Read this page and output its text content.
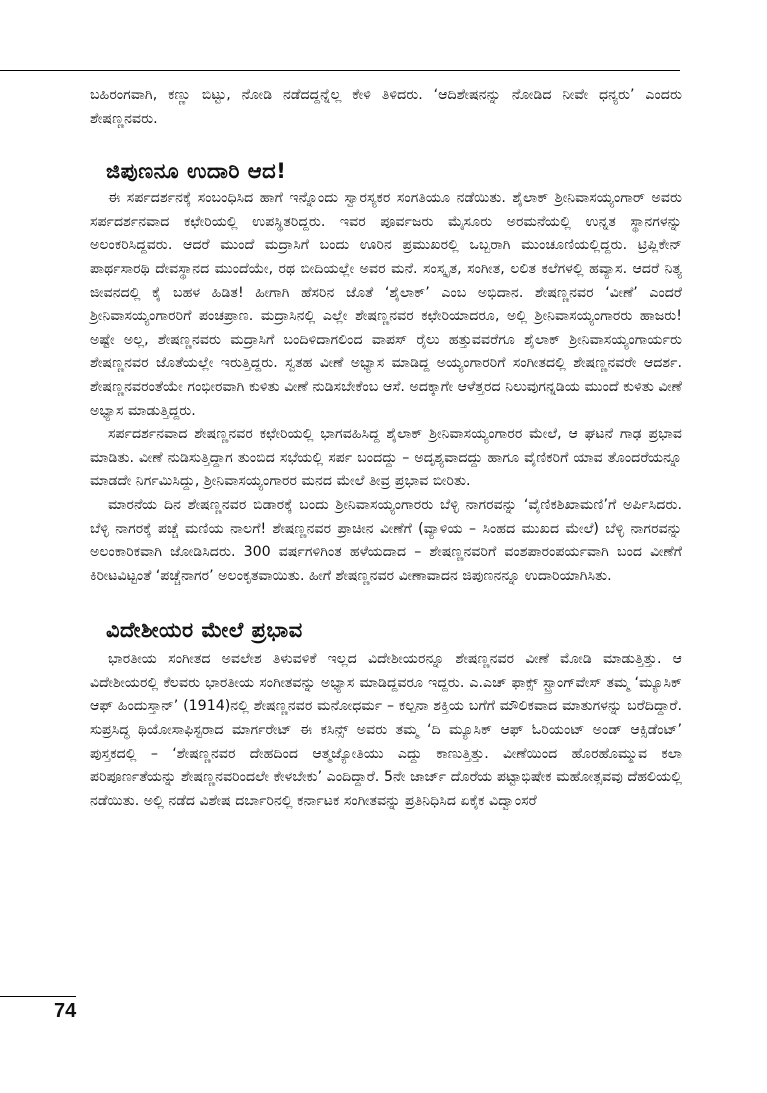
ಬಹಿರಂಗವಾಗಿ, ಕಣ್ಣು ಬಿಟ್ಟು, ನೋಡಿ ನಡೆದದ್ದನ್ನೆಲ್ಲ ಕೇಳಿ ತಿಳಿದರು. ‘ಆದಿಶೇಷನನ್ನು ನೋಡಿದ ನೀವೇ ಧನ್ಯರು’ ಎಂದರು ಶೇಷಣ್ಣನವರು.

ಜಿಪುಣನೂ ಉದಾರಿ ಆದ!

ಈ ಸರ್ಪದರ್ಶನಕ್ಕೆ ಸಂಬಂಧಿಸಿದ ಹಾಗೆ ಇನ್ನೊಂದು ಸ್ವಾರಸ್ಯಕರ ಸಂಗತಿಯೂ ನಡೆಯಿತು. ಶೈಲಾಕ್ ಶ್ರೀನಿವಾಸಯ್ಯಂಗಾರ್ ಅವರು ಸರ್ಪದರ್ಶನವಾದ ಕಛೇರಿಯಲ್ಲಿ ಉಪಸ್ಥಿತರಿದ್ದರು. ಇವರ ಪೂರ್ವಜರು ಮೈಸೂರು ಅರಮನೆಯಲ್ಲಿ ಉನ್ನತ ಸ್ಥಾನಗಳನ್ನು ಅಲಂಕರಿಸಿದ್ದವರು. ಆದರೆ ಮುಂದೆ ಮದ್ರಾಸಿಗೆ ಬಂದು ಊರಿನ ಪ್ರಮುಖರಲ್ಲಿ ಒಬ್ಬರಾಗಿ ಮುಂಚೂಣಿಯಲ್ಲಿದ್ದರು. ಟ್ರಿಪ್ಲಿಕೇನ್ ಪಾರ್ಥಸಾರಥಿ ದೇವಸ್ಥಾನದ ಮುಂದೆಯೇ, ರಥ ಬೀದಿಯಲ್ಲೇ ಅವರ ಮನೆ. ಸಂಸ್ಕೃತ, ಸಂಗೀತ, ಲಲಿತ ಕಲೆಗಳಲ್ಲಿ ಹವ್ಯಾಸ. ಆದರೆ ನಿತ್ಯ ಜೀವನದಲ್ಲಿ ಕೈ ಬಹಳ ಹಿಡಿತ! ಹೀಗಾಗಿ ಹೆಸರಿನ ಜೊತೆ ‘ಶೈಲಾಕ್’ ಎಂಬ ಅಭಿದಾನ. ಶೇಷಣ್ಣನವರ ‘ವೀಣೆ’ ಎಂದರೆ ಶ್ರೀನಿವಾಸಯ್ಯಂಗಾರರಿಗೆ ಪಂಚಪ್ರಾಣ. ಮದ್ರಾಸಿನಲ್ಲಿ ಎಲ್ಲೇ ಶೇಷಣ್ಣನವರ ಕಛೇರಿಯಾದರೂ, ಅಲ್ಲಿ ಶ್ರೀನಿವಾಸಯ್ಯಂಗಾರರು ಹಾಜರು! ಅಷ್ಟೇ ಅಲ್ಲ, ಶೇಷಣ್ಣನವರು ಮದ್ರಾಸಿಗೆ ಬಂದಿಳಿದಾಗಲಿಂದ ವಾಪಸ್ ರೈಲು ಹತ್ತುವವರೆಗೂ ಶೈಲಾಕ್ ಶ್ರೀನಿವಾಸಯ್ಯಂಗಾರ್ಯರು ಶೇಷಣ್ಣನವರ ಜೊತೆಯಲ್ಲೇ ಇರುತ್ತಿದ್ದರು. ಸ್ವತಹ ವೀಣೆ ಅಭ್ಯಾಸ ಮಾಡಿದ್ದ ಅಯ್ಯಂಗಾರರಿಗೆ ಸಂಗೀತದಲ್ಲಿ ಶೇಷಣ್ಣನವರೇ ಆದರ್ಶ. ಶೇಷಣ್ಣನವರಂತೆಯೇ ಗಂಭೀರವಾಗಿ ಕುಳಿತು ವೀಣೆ ನುಡಿಸಬೇಕೆಂಬ ಆಸೆ. ಅದಕ್ಕಾಗೇ ಆಳೆತ್ತರದ ನಿಲುವುಗನ್ನಡಿಯ ಮುಂದೆ ಕುಳಿತು ವೀಣೆ ಅಭ್ಯಾಸ ಮಾಡುತ್ತಿದ್ದರು.

ಸರ್ಪದರ್ಶನವಾದ ಶೇಷಣ್ಣನವರ ಕಛೇರಿಯಲ್ಲಿ ಭಾಗವಹಿಸಿದ್ದ ಶೈಲಾಕ್ ಶ್ರೀನಿವಾಸಯ್ಯಂಗಾರರ ಮೇಲೆ, ಆ ಘಟನೆ ಗಾಢ ಪ್ರಭಾವ ಮಾಡಿತು. ವೀಣೆ ನುಡಿಸುತ್ತಿದ್ದಾಗ ತುಂಬಿದ ಸಭೆಯಲ್ಲಿ ಸರ್ಪ ಬಂದದ್ದು – ಅದೃಶ್ಯವಾದದ್ದು ಹಾಗೂ ವೈಣಿಕರಿಗೆ ಯಾವ ತೊಂದರೆಯನ್ನೂ ಮಾಡದೇ ನಿರ್ಗಮಿಸಿದ್ದು, ಶ್ರೀನಿವಾಸಯ್ಯಂಗಾರರ ಮನದ ಮೇಲೆ ತೀವ್ರ ಪ್ರಭಾವ ಬೀರಿತು.

ಮಾರನೆಯ ದಿನ ಶೇಷಣ್ಣನವರ ಬಿಡಾರಕ್ಕೆ ಬಂದು ಶ್ರೀನಿವಾಸಯ್ಯಂಗಾರರು ಬೆಳ್ಳಿ ನಾಗರವನ್ನು ‘ವೈಣಿಕಶಿಖಾಮಣಿ’ಗೆ ಅರ್ಪಿಸಿದರು. ಬೆಳ್ಳಿ ನಾಗರಕ್ಕೆ ಪಚ್ಚೆ ಮಣಿಯ ನಾಲಗೆ! ಶೇಷಣ್ಣನವರ ಪ್ರಾಚೀನ ವೀಣೆಗೆ (ವ್ಯಾಳಿಯ – ಸಿಂಹದ ಮುಖದ ಮೇಲೆ) ಬೆಳ್ಳಿ ನಾಗರವನ್ನು ಅಲಂಕಾರಿಕವಾಗಿ ಜೋಡಿಸಿದರು. 300 ವರ್ಷಗಳಿಗಿಂತ ಹಳೆಯದಾದ – ಶೇಷಣ್ಣನವರಿಗೆ ವಂಶಪಾರಂಪರ್ಯವಾಗಿ ಬಂದ ವೀಣೆಗೆ ಕಿರೀಟವಿಟ್ಟಂತೆ ‘ಪಚ್ಚೆನಾಗರ’ ಅಲಂಕೃತವಾಯಿತು. ಹೀಗೆ ಶೇಷಣ್ಣನವರ ವೀಣಾವಾದನ ಜಿಪುಣನನ್ನೂ ಉದಾರಿಯಾಗಿಸಿತು.

ವಿದೇಶೀಯರ ಮೇಲೆ ಪ್ರಭಾವ

ಭಾರತೀಯ ಸಂಗೀತದ ಅವಲೇಶ ತಿಳುವಳಿಕೆ ಇಲ್ಲದ ವಿದೇಶೀಯರನ್ನೂ ಶೇಷಣ್ಣನವರ ವೀಣೆ ಮೋಡಿ ಮಾಡುತ್ತಿತ್ತು. ಆ ವಿದೇಶೀಯರಲ್ಲಿ ಕೆಲವರು ಭಾರತೀಯ ಸಂಗೀತವನ್ನು ಅಭ್ಯಾಸ ಮಾಡಿದ್ದವರೂ ಇದ್ದರು. ಎ.ಎಚ್ ಫಾಕ್ಸ್ ಸ್ಟ್ರಾಂಗ್‌ವೇಸ್ ತಮ್ಮ ‘ಮ್ಯೂಸಿಕ್ ಆಫ್ ಹಿಂದುಸ್ತಾನ್’ (1914)ನಲ್ಲಿ ಶೇಷಣ್ಣನವರ ಮನೋಧರ್ಮ – ಕಲ್ಪನಾ ಶಕ್ತಿಯ ಬಗೆಗೆ ಮೌಲಿಕವಾದ ಮಾತುಗಳನ್ನು ಬರೆದಿದ್ದಾರೆ. ಸುಪ್ರಸಿದ್ಧ ಥಿಯೋಸಾಫಿಸ್ಟರಾದ ಮಾರ್ಗರೇಟ್ ಈ ಕಸಿನ್ಸ್ ಅವರು ತಮ್ಮ ‘ದಿ ಮ್ಯೂಸಿಕ್ ಆಫ್ ಓರಿಯಂಟ್ ಅಂಡ್ ಆಕ್ಸಿಡೆಂಟ್’ ಪುಸ್ತಕದಲ್ಲಿ – ‘ಶೇಷಣ್ಣನವರ ದೇಹದಿಂದ ಆತ್ಮಜ್ಯೋತಿಯು ಎದ್ದು ಕಾಣುತ್ತಿತ್ತು. ವೀಣೆಯಿಂದ ಹೊರಹೊಮ್ಮುವ ಕಲಾ ಪರಿಪೂರ್ಣತೆಯನ್ನು ಶೇಷಣ್ಣನವರಿಂದಲೇ ಕೇಳಬೇಕು’ ಎಂದಿದ್ದಾರೆ. 5ನೇ ಜಾರ್ಜ್ ದೊರೆಯ ಪಟ್ಟಾಭಿಷೇಕ ಮಹೋತ್ಸವವು ದೆಹಲಿಯಲ್ಲಿ ನಡೆಯಿತು. ಅಲ್ಲಿ ನಡೆದ ವಿಶೇಷ ದರ್ಬಾರಿನಲ್ಲಿ ಕರ್ನಾಟಕ ಸಂಗೀತವನ್ನು ಪ್ರತಿನಿಧಿಸಿದ ಏಕೈಕ ವಿದ್ವಾಂಸರೆ

74
